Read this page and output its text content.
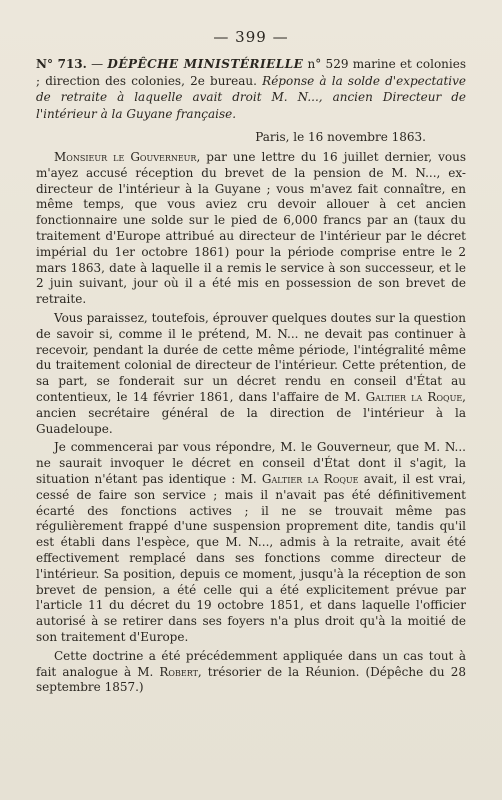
— 399 —

N° 713. — DÉPÊCHE MINISTÉRIELLE n° 529 marine et colonies ; direction des colonies, 2e bureau. Réponse à la solde d'expectative de retraite à laquelle avait droit M. N..., ancien Directeur de l'intérieur à la Guyane française.

Paris, le 16 novembre 1863.

Monsieur le Gouverneur, par une lettre du 16 juillet dernier, vous m'ayez accusé réception du brevet de la pension de M. N..., ex-directeur de l'intérieur à la Guyane ; vous m'avez fait connaître, en même temps, que vous aviez cru devoir allouer à cet ancien fonctionnaire une solde sur le pied de 6,000 francs par an (taux du traitement d'Europe attribué au directeur de l'intérieur par le décret impérial du 1er octobre 1861) pour la période comprise entre le 2 mars 1863, date à laquelle il a remis le service à son successeur, et le 2 juin suivant, jour où il a été mis en possession de son brevet de retraite.

Vous paraissez, toutefois, éprouver quelques doutes sur la question de savoir si, comme il le prétend, M. N... ne devait pas continuer à recevoir, pendant la durée de cette même période, l'intégralité même du traitement colonial de directeur de l'intérieur. Cette prétention, de sa part, se fonderait sur un décret rendu en conseil d'État au contentieux, le 14 février 1861, dans l'affaire de M. Galtier la Roque, ancien secrétaire général de la direction de l'intérieur à la Guadeloupe.

Je commencerai par vous répondre, M. le Gouverneur, que M. N... ne saurait invoquer le décret en conseil d'État dont il s'agit, la situation n'étant pas identique : M. Galtier la Roque avait, il est vrai, cessé de faire son service ; mais il n'avait pas été définitivement écarté des fonctions actives ; il ne se trouvait même pas régulièrement frappé d'une suspension proprement dite, tandis qu'il est établi dans l'espèce, que M. N..., admis à la retraite, avait été effectivement remplacé dans ses fonctions comme directeur de l'intérieur. Sa position, depuis ce moment, jusqu'à la réception de son brevet de pension, a été celle qui a été explicitement prévue par l'article 11 du décret du 19 octobre 1851, et dans laquelle l'officier autorisé à se retirer dans ses foyers n'a plus droit qu'à la moitié de son traitement d'Europe.

Cette doctrine a été précédemment appliquée dans un cas tout à fait analogue à M. Robert, trésorier de la Réunion. (Dépêche du 28 septembre 1857.)
